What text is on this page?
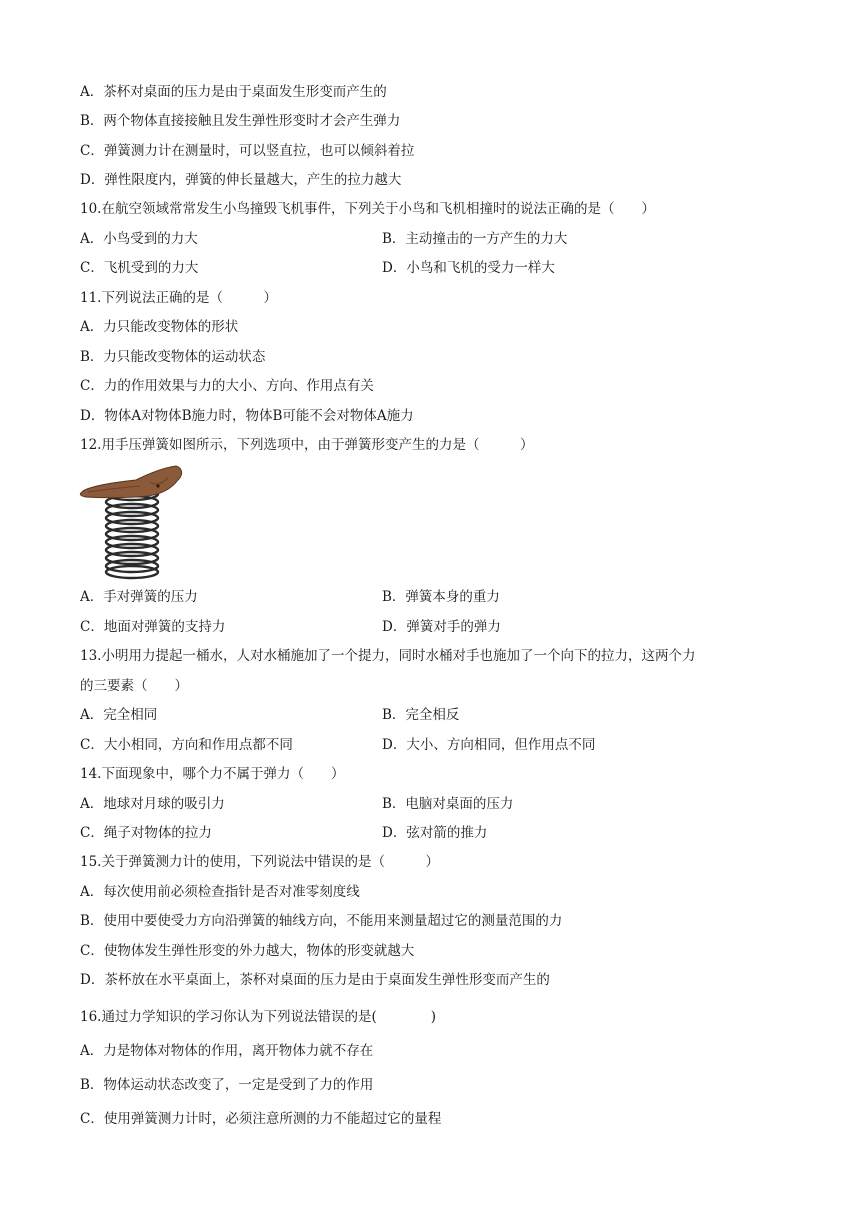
A．茶杯对桌面的压力是由于桌面发生形变而产生的
B．两个物体直接接触且发生弹性形变时才会产生弹力
C．弹簧测力计在测量时，可以竖直拉，也可以倾斜着拉
D．弹性限度内，弹簧的伸长量越大，产生的拉力越大
10.在航空领域常常发生小鸟撞毁飞机事件，下列关于小鸟和飞机相撞时的说法正确的是（　　）
A．小鸟受到的力大	B．主动撞击的一方产生的力大
C．飞机受到的力大	D．小鸟和飞机的受力一样大
11.下列说法正确的是（　　　）
A．力只能改变物体的形状
B．力只能改变物体的运动状态
C．力的作用效果与力的大小、方向、作用点有关
D．物体A对物体B施力时，物体B可能不会对物体A施力
12.用手压弹簧如图所示，下列选项中，由于弹簧形变产生的力是（　　　）
A．手对弹簧的压力	B．弹簧本身的重力
C．地面对弹簧的支持力	D．弹簧对手的弹力
13.小明用力提起一桶水，人对水桶施加了一个提力，同时水桶对手也施加了一个向下的拉力，这两个力
的三要素（　　）
A．完全相同	B．完全相反
C．大小相同，方向和作用点都不同	D．大小、方向相同，但作用点不同
14.下面现象中，哪个力不属于弹力（　　）
A．地球对月球的吸引力	B．电脑对桌面的压力
C．绳子对物体的拉力	D．弦对箭的推力
15.关于弹簧测力计的使用，下列说法中错误的是（　　　）
A．每次使用前必须检查指针是否对准零刻度线
B．使用中要使受力方向沿弹簧的轴线方向，不能用来测量超过它的测量范围的力
C．使物体发生弹性形变的外力越大，物体的形变就越大
D．茶杯放在水平桌面上，茶杯对桌面的压力是由于桌面发生弹性形变而产生的
16.通过力学知识的学习你认为下列说法错误的是(　　　　)
A．力是物体对物体的作用，离开物体力就不存在
B．物体运动状态改变了，一定是受到了力的作用
C．使用弹簧测力计时，必须注意所测的力不能超过它的量程
